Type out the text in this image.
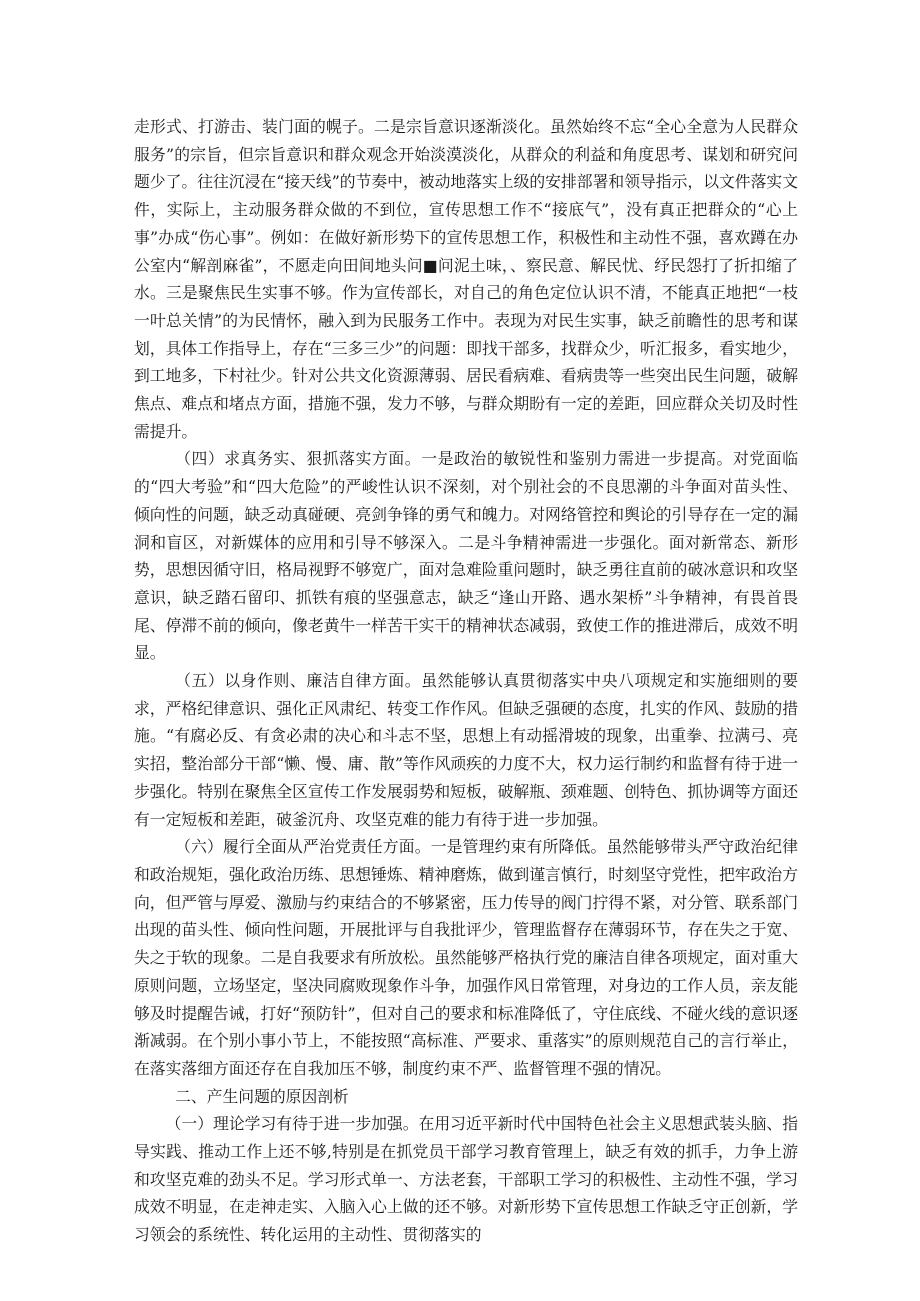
走形式、打游击、装门面的幌子。二是宗旨意识逐渐淡化。虽然始终不忘“全心全意为人民群众服务”的宗旨，但宗旨意识和群众观念开始淡漠淡化，从群众的利益和角度思考、谋划和研究问题少了。往往沉浸在“接天线”的节奏中，被动地落实上级的安排部署和领导指示，以文件落实文件，实际上，主动服务群众做的不到位，宣传思想工作不“接底气”，没有真正把群众的“心上事”办成“伤心事”。例如：在做好新形势下的宣传思想工作，积极性和主动性不强，喜欢蹲在办公室内“解剖麻雀”，不愿走向田间地头问■问泥土味，、察民意、解民忧、纾民怨打了折扣缩了水。三是聚焦民生实事不够。作为宣传部长，对自己的角色定位认识不清，不能真正地把“一枝一叶总关情”的为民情怀，融入到为民服务工作中。表现为对民生实事，缺乏前瞻性的思考和谋划，具体工作指导上，存在“三多三少”的问题：即找干部多，找群众少，听汇报多，看实地少，到工地多，下村社少。针对公共文化资源薄弱、居民看病难、看病贵等一些突出民生问题，破解焦点、难点和堵点方面，措施不强，发力不够，与群众期盼有一定的差距，回应群众关切及时性需提升。

（四）求真务实、狠抓落实方面。一是政治的敏锐性和鉴别力需进一步提高。对党面临的“四大考验”和“四大危险”的严峻性认识不深刻，对个别社会的不良思潮的斗争面对苗头性、倾向性的问题，缺乏动真碰硬、亮剑争锋的勇气和魄力。对网络管控和舆论的引导存在一定的漏洞和盲区，对新媒体的应用和引导不够深入。二是斗争精神需进一步强化。面对新常态、新形势，思想因循守旧，格局视野不够宽广，面对急难险重问题时，缺乏勇往直前的破冰意识和攻坚意识，缺乏踏石留印、抓铁有痕的坚强意志，缺乏“逢山开路、遇水架桥”斗争精神，有畏首畏尾、停滞不前的倾向，像老黄牛一样苦干实干的精神状态减弱，致使工作的推进滞后，成效不明显。

（五）以身作则、廉洁自律方面。虽然能够认真贯彻落实中央八项规定和实施细则的要求，严格纪律意识、强化正风肃纪、转变工作作风。但缺乏强硬的态度，扎实的作风、鼓励的措施。“有腐必反、有贪必肃的决心和斗志不坚，思想上有动摇滑坡的现象，出重拳、拉满弓、亮实招，整治部分干部“懒、慢、庸、散”等作风顽疾的力度不大，权力运行制约和监督有待于进一步强化。特别在聚焦全区宣传工作发展弱势和短板，破解瓶、颈难题、创特色、抓协调等方面还有一定短板和差距，破釜沉舟、攻坚克难的能力有待于进一步加强。

（六）履行全面从严治党责任方面。一是管理约束有所降低。虽然能够带头严守政治纪律和政治规矩，强化政治历练、思想锤炼、精神磨炼，做到谨言慎行，时刻坚守党性，把牢政治方向，但严管与厚爱、激励与约束结合的不够紧密，压力传导的阀门拧得不紧，对分管、联系部门出现的苗头性、倾向性问题，开展批评与自我批评少，管理监督存在薄弱环节，存在失之于宽、失之于软的现象。二是自我要求有所放松。虽然能够严格执行党的廉洁自律各项规定，面对重大原则问题，立场坚定，坚决同腐败现象作斗争，加强作风日常管理，对身边的工作人员，亲友能够及时提醒告诫，打好“预防针”，但对自己的要求和标准降低了，守住底线、不碰火线的意识逐渐减弱。在个别小事小节上，不能按照“高标准、严要求、重落实”的原则规范自己的言行举止，在落实落细方面还存在自我加压不够，制度约束不严、监督管理不强的情况。

二、产生问题的原因剖析

（一）理论学习有待于进一步加强。在用习近平新时代中国特色社会主义思想武装头脑、指导实践、推动工作上还不够,特别是在抓党员干部学习教育管理上，缺乏有效的抓手，力争上游和攻坚克难的劲头不足。学习形式单一、方法老套，干部职工学习的积极性、主动性不强，学习成效不明显，在走神走实、入脑入心上做的还不够。对新形势下宣传思想工作缺乏守正创新，学习领会的系统性、转化运用的主动性、贯彻落实的
